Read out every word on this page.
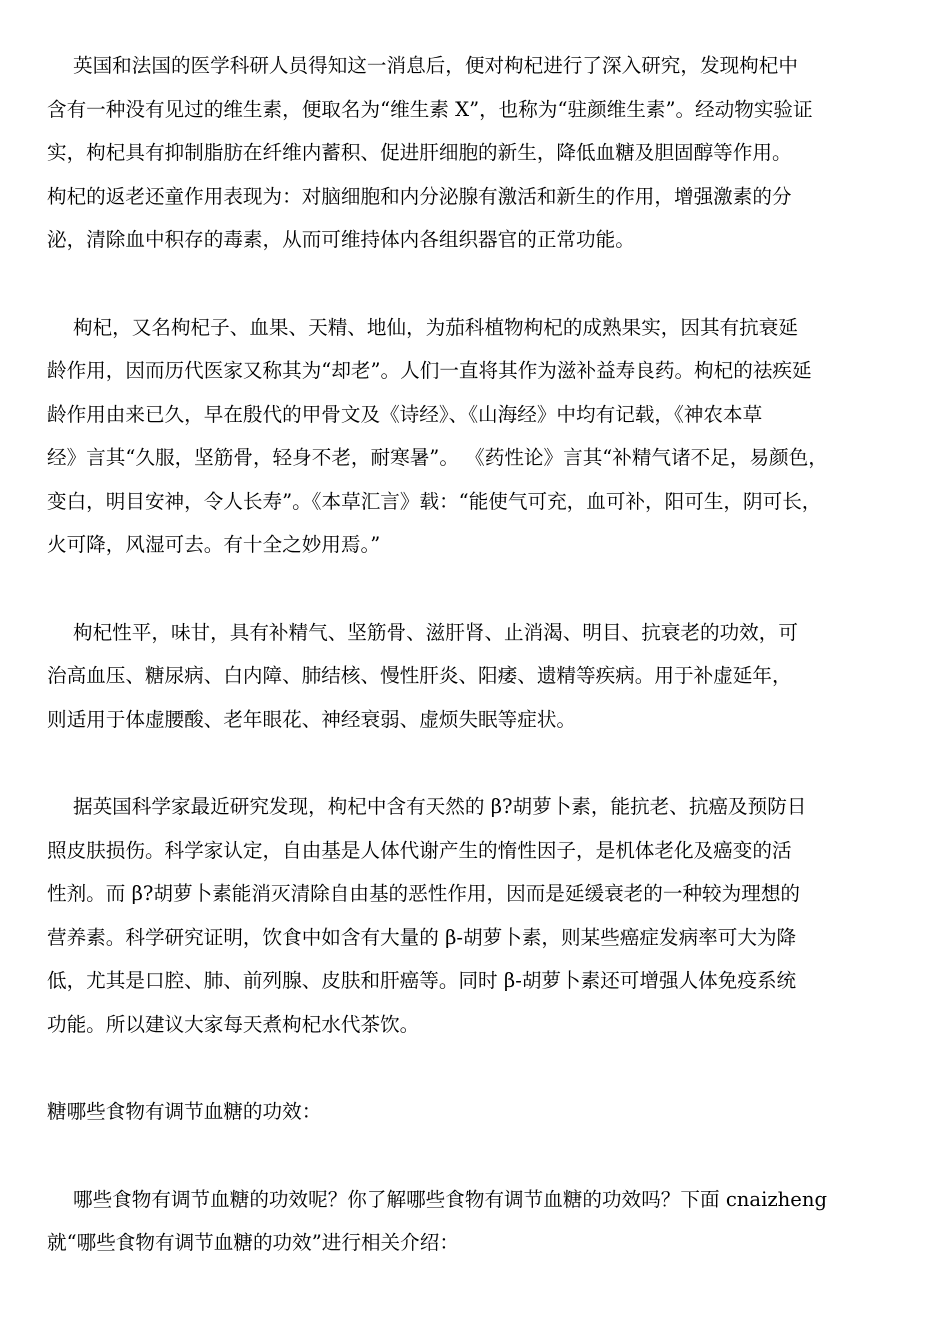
英国和法国的医学科研人员得知这一消息后，便对枸杞进行了深入研究，发现枸杞中
含有一种没有见过的维生素，便取名为“维生素 X”，也称为“驻颜维生素”。经动物实验证
实，枸杞具有抑制脂肪在纤维内蓄积、促进肝细胞的新生，降低血糖及胆固醇等作用。
枸杞的返老还童作用表现为：对脑细胞和内分泌腺有激活和新生的作用，增强激素的分
泌，清除血中积存的毒素，从而可维持体内各组织器官的正常功能。

枸杞，又名枸杞子、血果、天精、地仙，为茄科植物枸杞的成熟果实，因其有抗衰延
龄作用，因而历代医家又称其为“却老”。人们一直将其作为滋补益寿良药。枸杞的祛疾延
龄作用由来已久，早在殷代的甲骨文及《诗经》、《山海经》中均有记载，《神农本草
经》言其“久服，坚筋骨，轻身不老，耐寒暑”。 《药性论》言其“补精气诸不足，易颜色，
变白，明目安神，令人长寿”。《本草汇言》载：“能使气可充，血可补，阳可生，阴可长，
火可降，风湿可去。有十全之妙用焉。”

枸杞性平，味甘，具有补精气、坚筋骨、滋肝肾、止消渴、明目、抗衰老的功效，可
治高血压、糖尿病、白内障、肺结核、慢性肝炎、阳痿、遗精等疾病。用于补虚延年，
则适用于体虚腰酸、老年眼花、神经衰弱、虚烦失眠等症状。

据英国科学家最近研究发现，枸杞中含有天然的 β?胡萝卜素，能抗老、抗癌及预防日
照皮肤损伤。科学家认定，自由基是人体代谢产生的惰性因子，是机体老化及癌变的活
性剂。而 β?胡萝卜素能消灭清除自由基的恶性作用，因而是延缓衰老的一种较为理想的
营养素。科学研究证明，饮食中如含有大量的 β-胡萝卜素，则某些癌症发病率可大为降
低，尤其是口腔、肺、前列腺、皮肤和肝癌等。同时 β-胡萝卜素还可增强人体免疫系统
功能。所以建议大家每天煮枸杞水代茶饮。

糖哪些食物有调节血糖的功效：

哪些食物有调节血糖的功效呢？你了解哪些食物有调节血糖的功效吗？下面 cnaizheng
就“哪些食物有调节血糖的功效”进行相关介绍：
